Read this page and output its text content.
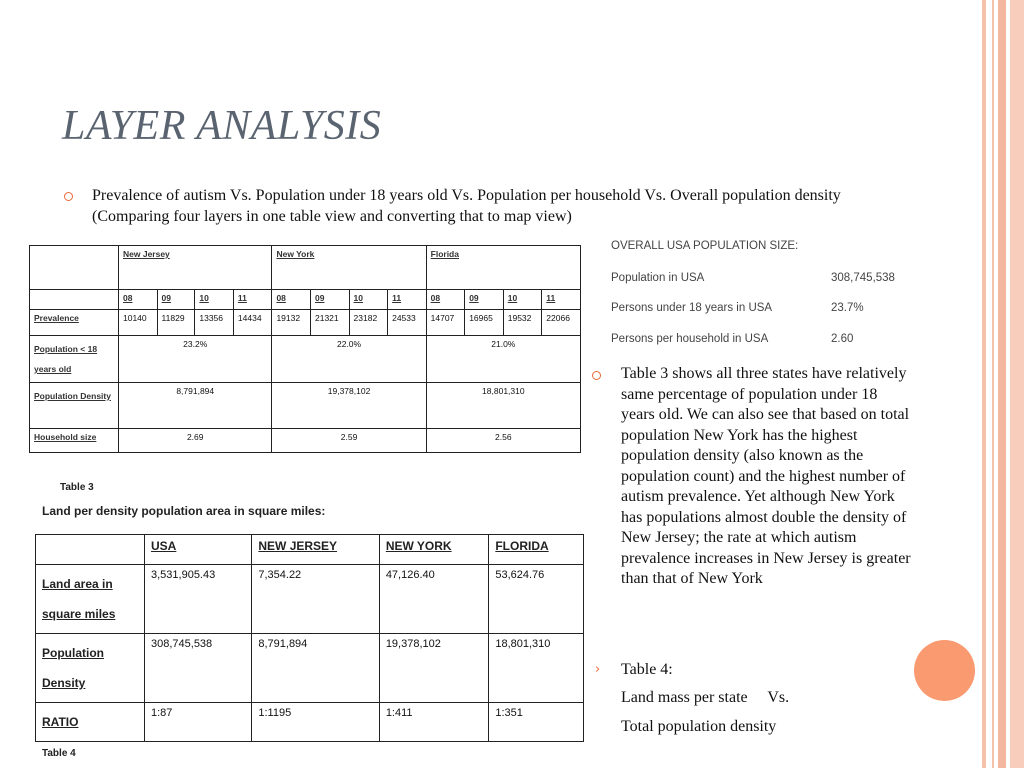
LAYER ANALYSIS

Prevalence of autism Vs. Population under 18 years old Vs. Population per household Vs. Overall population density (Comparing four layers in one table view and converting that to map view)

	New Jersey				New York				Florida			
	08	09	10	11	08	09	10	11	08	09	10	11
Prevalence	10140	11829	13356	14434	19132	21321	23182	24533	14707	16965	19532	22066
Population < 18 years old	23.2%				22.0%				21.0%			
Population Density	8,791,894				19,378,102				18,801,310			
Household size	2.69				2.59				2.56			

Table 3

Land per density population area in square miles:

	USA	NEW JERSEY	NEW YORK	FLORIDA
Land area in square miles	3,531,905.43	7,354.22	47,126.40	53,624.76
Population Density	308,745,538	8,791,894	19,378,102	18,801,310
RATIO	1:87	1:1195	1:411	1:351

Table 4

OVERALL USA POPULATION SIZE:
Population in USA	308,745,538
Persons under 18 years in USA	23.7%
Persons per household in USA	2.60

Table 3 shows all three states have relatively same percentage of population under 18 years old. We can also see that based on total population New York has the highest population density (also known as the population count) and the highest number of autism prevalence. Yet although New York has populations almost double the density of New Jersey; the rate at which autism prevalence increases in New Jersey is greater than that of New York

› Table 4:

Land mass per state     Vs.

Total population density
